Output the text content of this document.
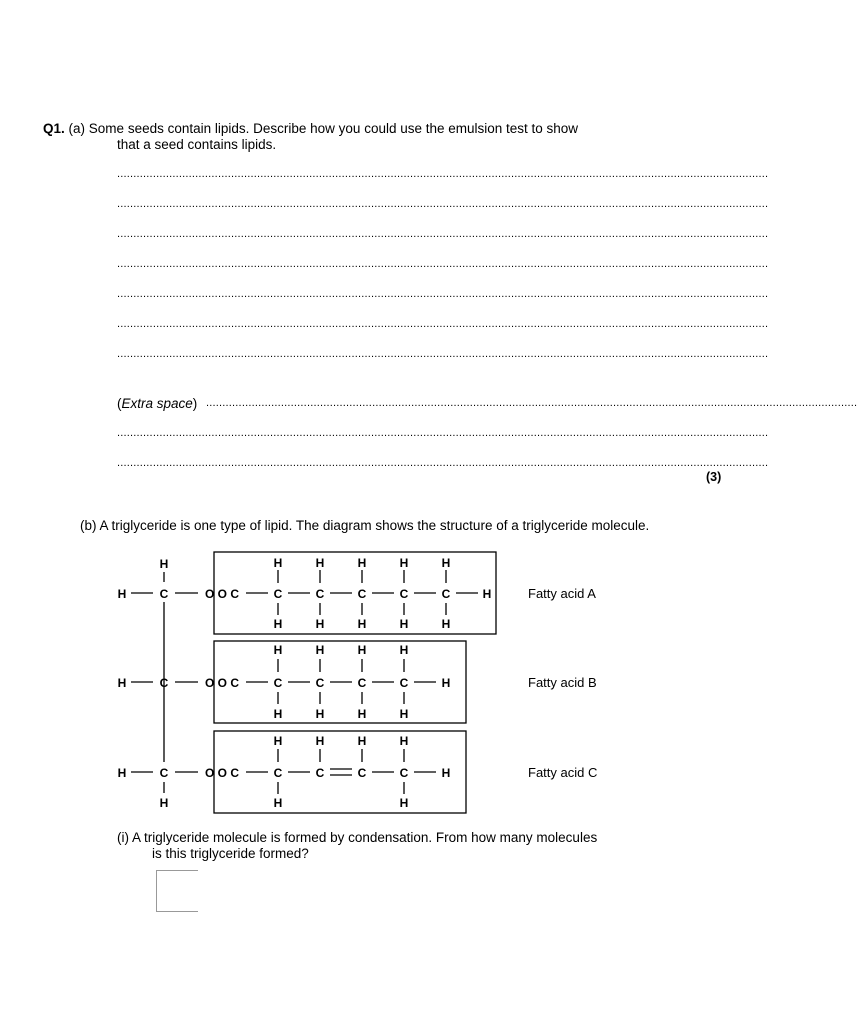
Q1. (a) Some seeds contain lipids. Describe how you could use the emulsion test to show
that a seed contains lipids.
........................................................................................................................................................................................................
........................................................................................................................................................................................................
........................................................................................................................................................................................................
........................................................................................................................................................................................................
........................................................................................................................................................................................................
........................................................................................................................................................................................................
........................................................................................................................................................................................................
(Extra space) ........................................................................................................................................................................................................
........................................................................................................................................................................................................
........................................................................................................................................................................................................
(3)
(b) A triglyceride is one type of lipid. The diagram shows the structure of a triglyceride molecule.
H
H	C	O O C
H	C	O O C
H	C	O O C
H
H	H	H	H	H
C	C	C	C	C	H
H	H	H	H	H
H	H	H	H
C	C	C	C	H
H	H	H	H
H	H	H	H
C	C	C	C	H
H	H
Fatty acid A
Fatty acid B
Fatty acid C
(i) A triglyceride molecule is formed by condensation. From how many molecules
is this triglyceride formed?
